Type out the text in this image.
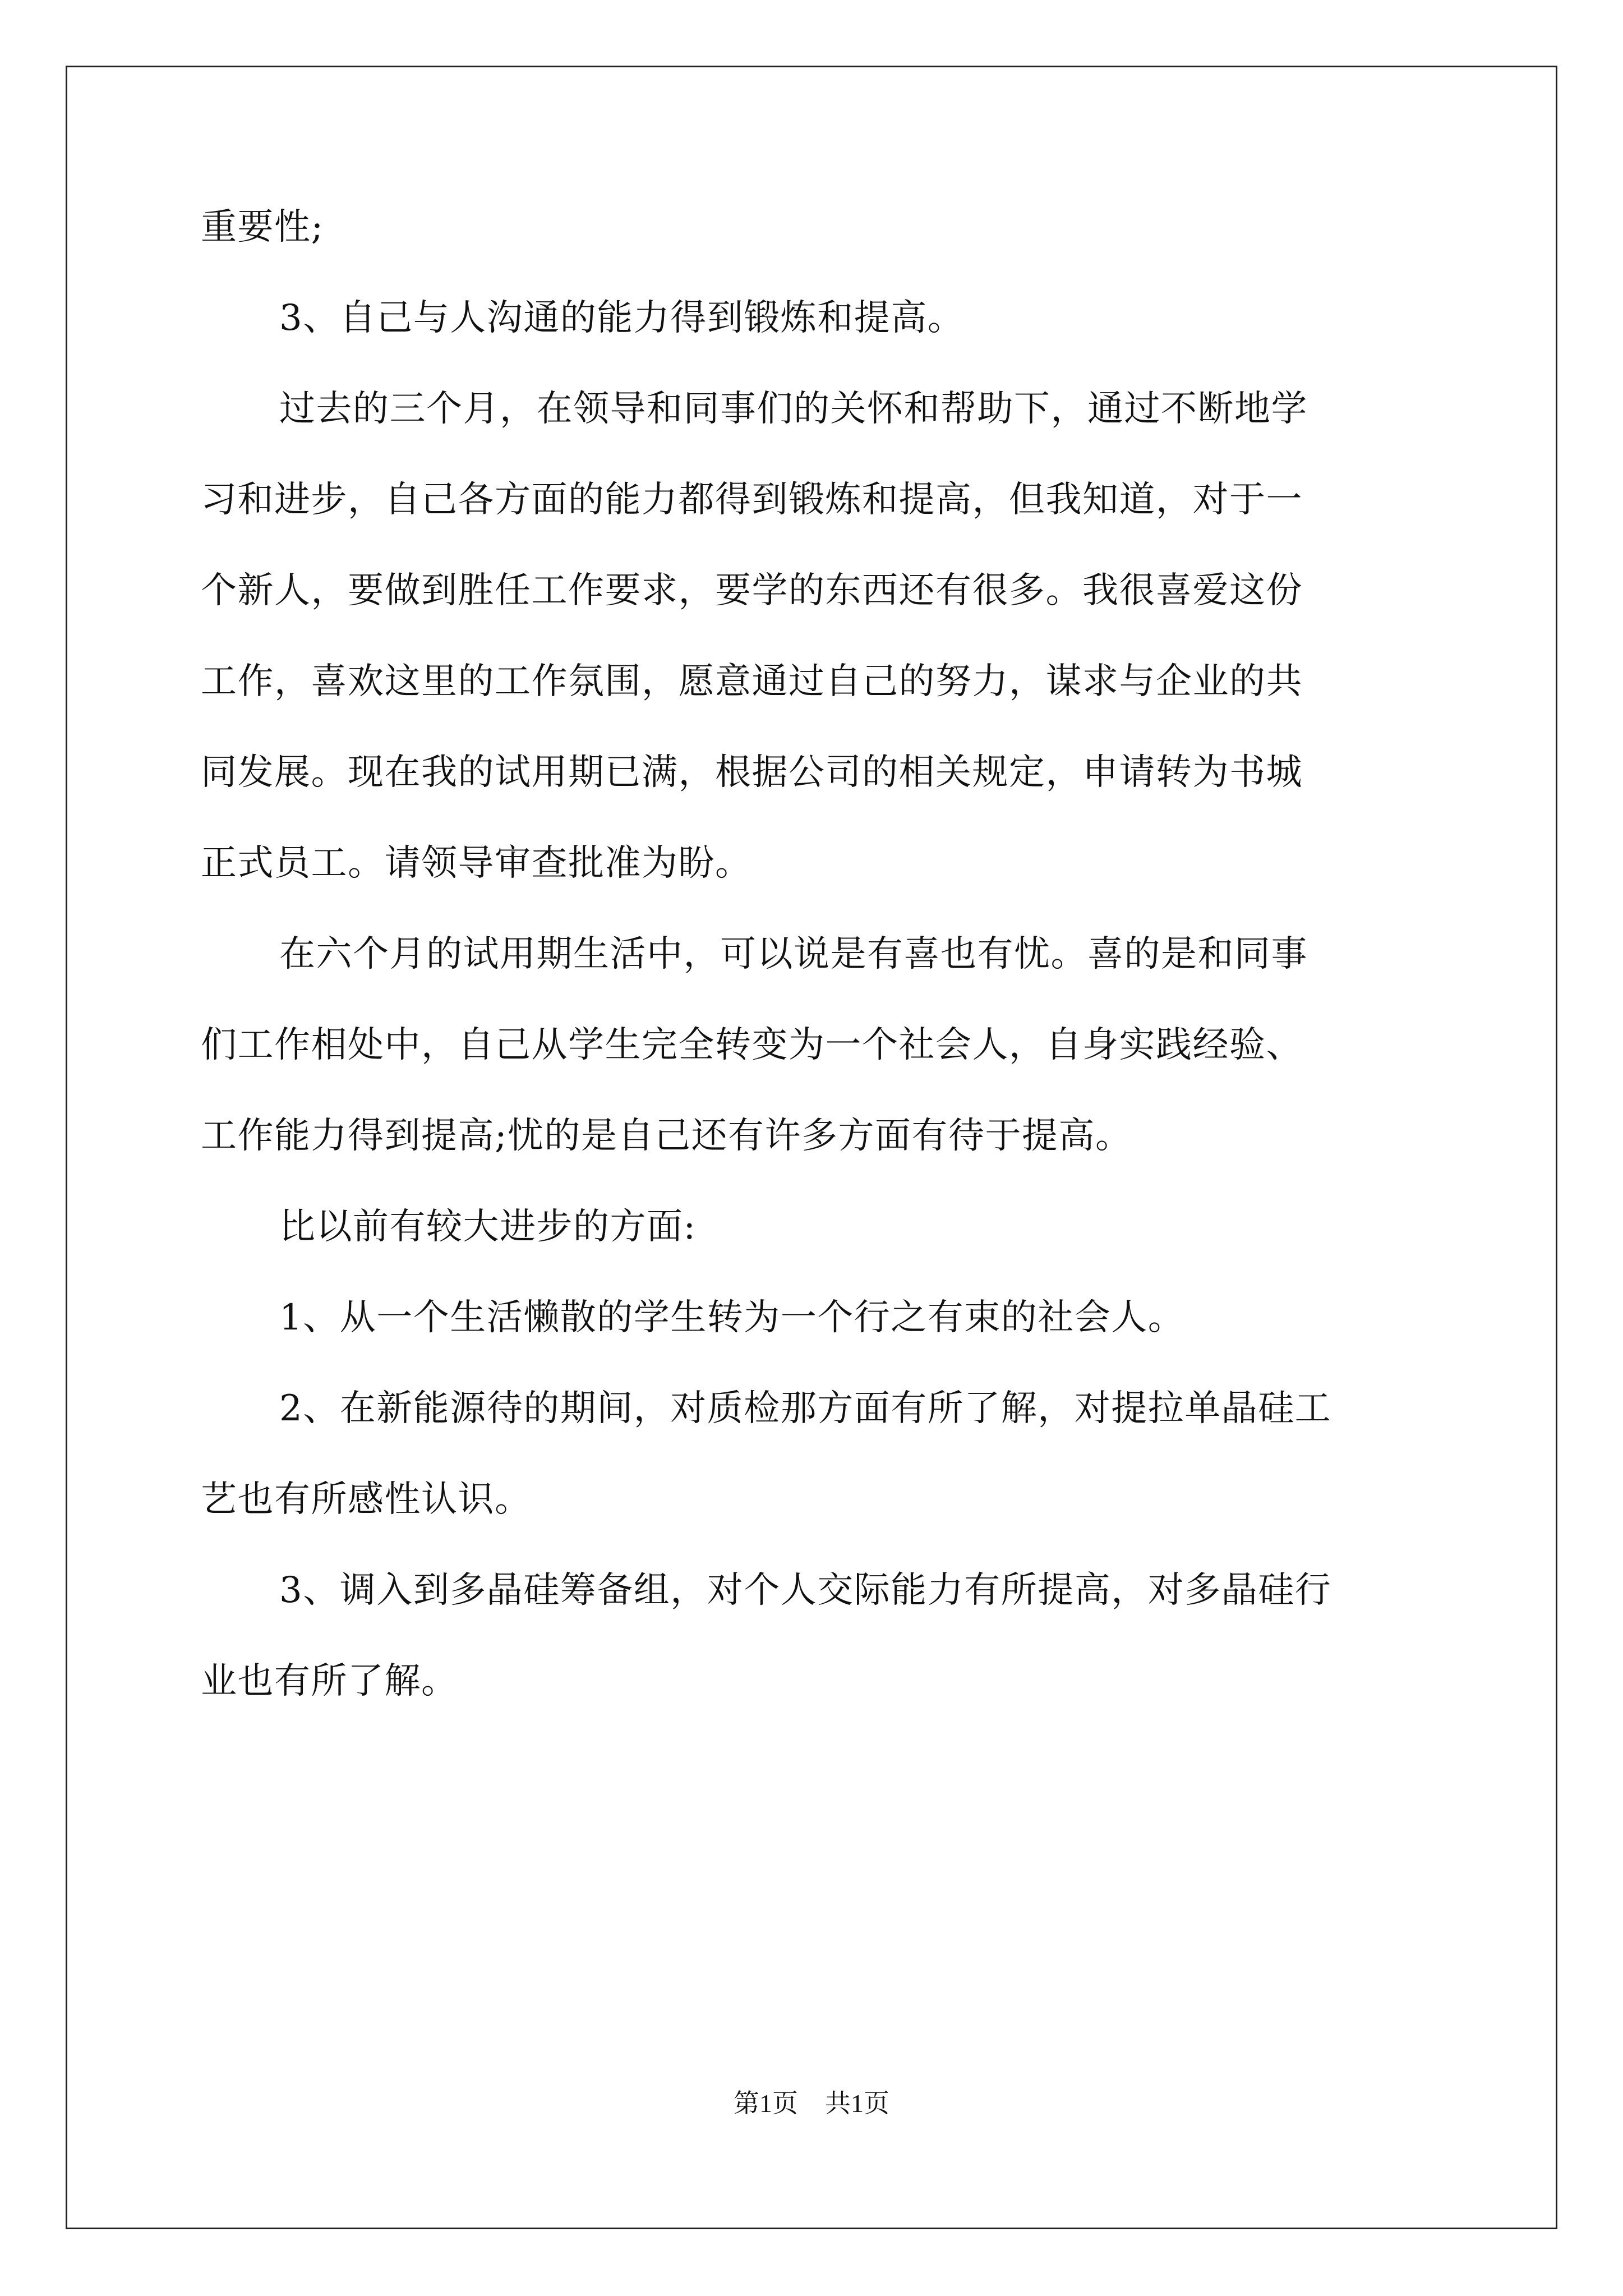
重要性;
3、自己与人沟通的能力得到锻炼和提高。
过去的三个月，在领导和同事们的关怀和帮助下，通过不断地学
习和进步，自己各方面的能力都得到锻炼和提高，但我知道，对于一
个新人，要做到胜任工作要求，要学的东西还有很多。我很喜爱这份
工作，喜欢这里的工作氛围，愿意通过自己的努力，谋求与企业的共
同发展。现在我的试用期已满，根据公司的相关规定，申请转为书城
正式员工。请领导审查批准为盼。
在六个月的试用期生活中，可以说是有喜也有忧。喜的是和同事
们工作相处中，自己从学生完全转变为一个社会人，自身实践经验、
工作能力得到提高;忧的是自己还有许多方面有待于提高。
比以前有较大进步的方面:
1、从一个生活懒散的学生转为一个行之有束的社会人。
2、在新能源待的期间，对质检那方面有所了解，对提拉单晶硅工
艺也有所感性认识。
3、调入到多晶硅筹备组，对个人交际能力有所提高，对多晶硅行
业也有所了解。
第1页 共1页
